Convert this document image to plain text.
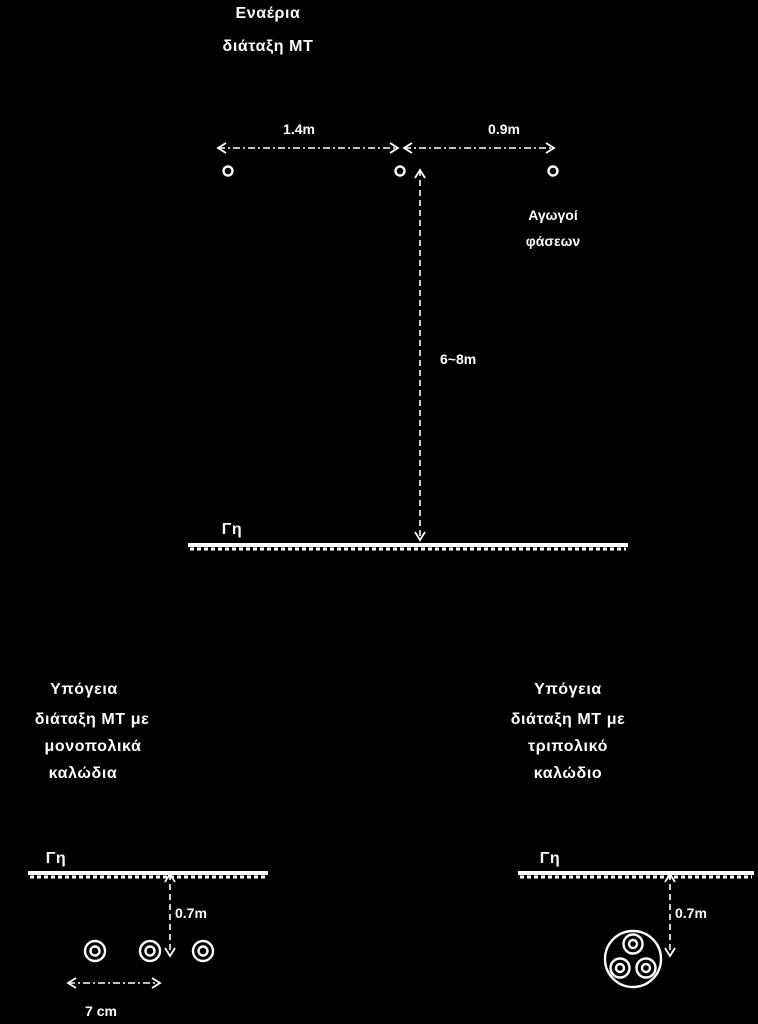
Εναέρια
διάταξη ΜΤ
1.4m	0.9m
Αγωγοί
φάσεων
6~8m
Γη
Υπόγεια
διάταξη ΜΤ με
μονοπολικά
καλώδια
Γη
0.7m
7 cm
Υπόγεια
διάταξη ΜΤ με
τριπολικό
καλώδιο
Γη
0.7m
